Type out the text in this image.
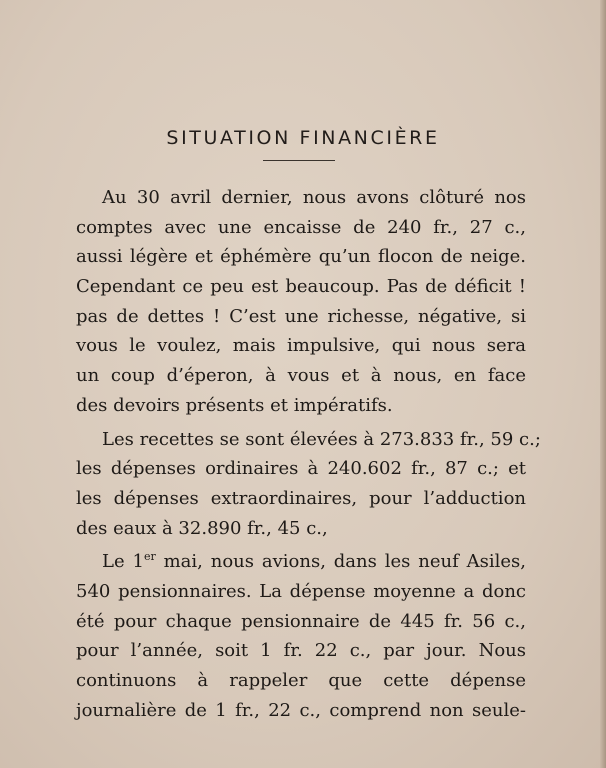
SITUATION FINANCIÈRE
Au 30 avril dernier, nous avons clôturé nos
comptes avec une encaisse de 240 fr., 27 c.,
aussi légère et éphémère qu’un flocon de neige.
Cependant ce peu est beaucoup. Pas de déficit !
pas de dettes ! C’est une richesse, négative, si
vous le voulez, mais impulsive, qui nous sera
un coup d’éperon, à vous et à nous, en face
des devoirs présents et impératifs.
Les recettes se sont élevées à 273.833 fr., 59 c.;
les dépenses ordinaires à 240.602 fr., 87 c.; et
les dépenses extraordinaires, pour l’adduction
des eaux à 32.890 fr., 45 c.,
Le 1er mai, nous avions, dans les neuf Asiles,
540 pensionnaires. La dépense moyenne a donc
été pour chaque pensionnaire de 445 fr. 56 c.,
pour l’année, soit 1 fr. 22 c., par jour. Nous
continuons à rappeler que cette dépense
journalière de 1 fr., 22 c., comprend non seule-
